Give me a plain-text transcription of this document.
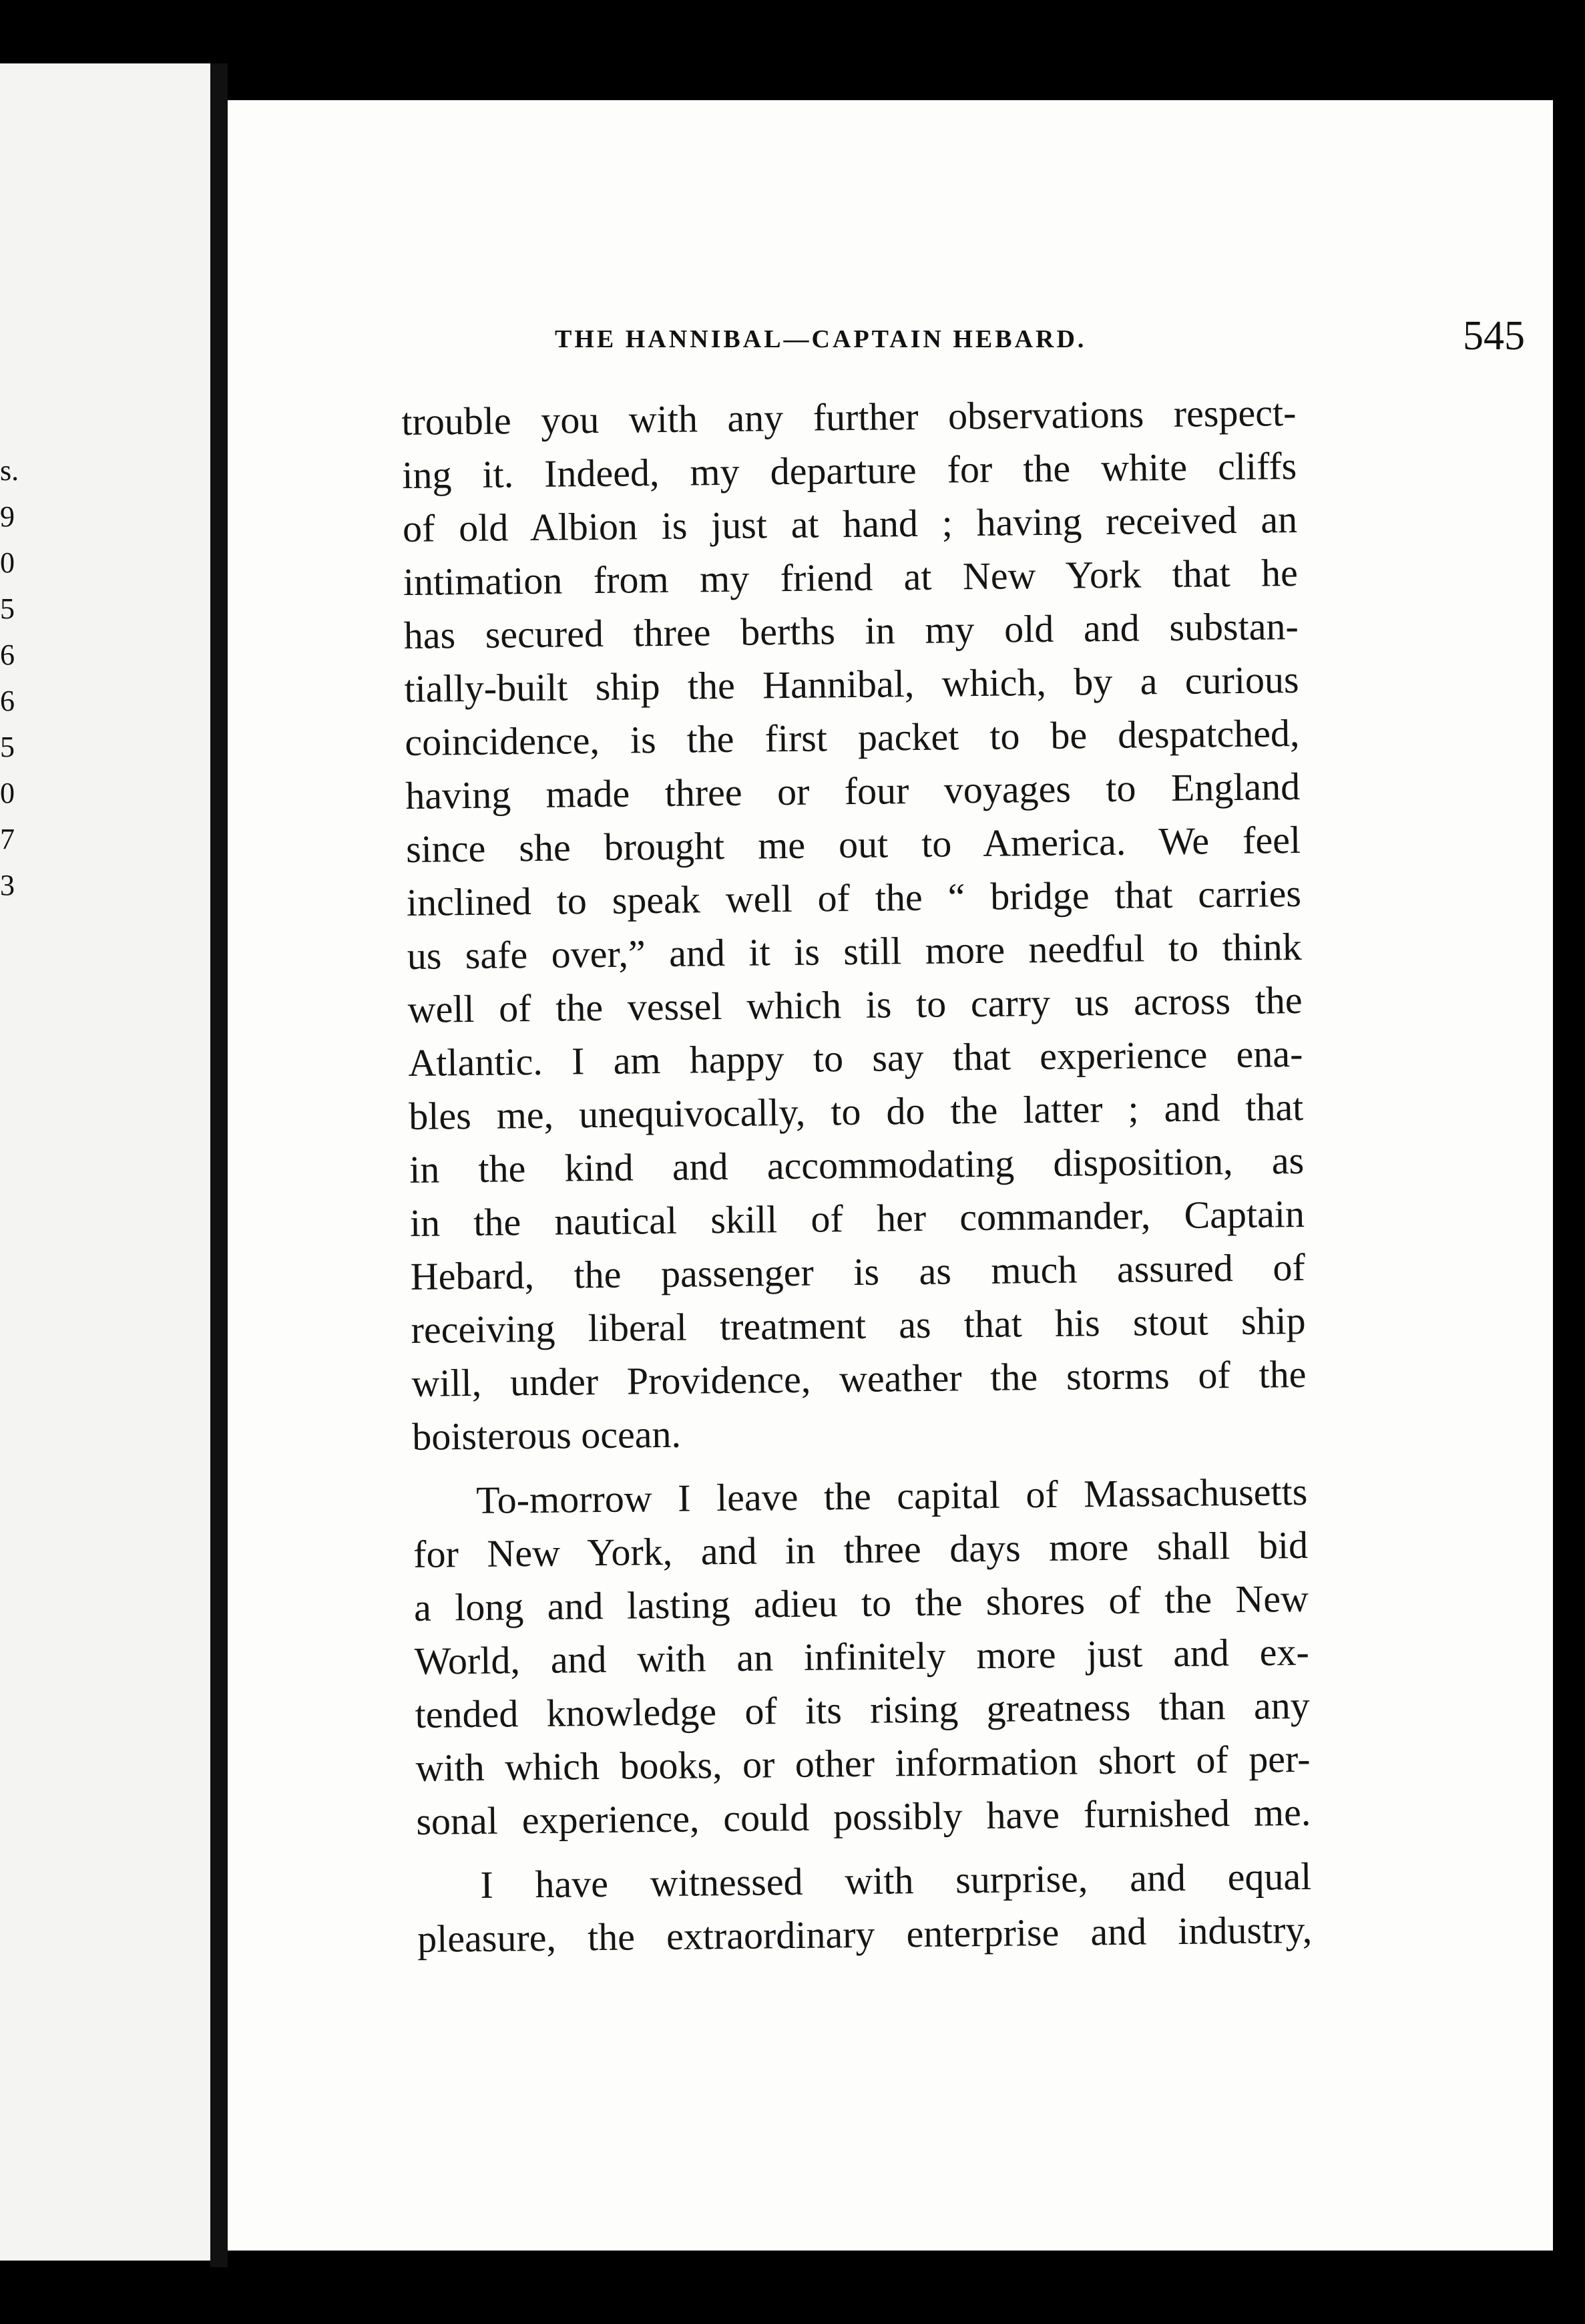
s.
9
0
5
6
6
5
0
7
3
THE HANNIBAL—CAPTAIN HEBARD.	545
trouble you with any further observations respect-
ing it. Indeed, my departure for the white cliffs
of old Albion is just at hand ; having received an
intimation from my friend at New York that he
has secured three berths in my old and substan-
tially-built ship the Hannibal, which, by a curious
coincidence, is the first packet to be despatched,
having made three or four voyages to England
since she brought me out to America. We feel
inclined to speak well of the “ bridge that carries
us safe over,” and it is still more needful to think
well of the vessel which is to carry us across the
Atlantic. I am happy to say that experience ena-
bles me, unequivocally, to do the latter ; and that
in the kind and accommodating disposition, as
in the nautical skill of her commander, Captain
Hebard, the passenger is as much assured of
receiving liberal treatment as that his stout ship
will, under Providence, weather the storms of the
boisterous ocean.
To-morrow I leave the capital of Massachusetts
for New York, and in three days more shall bid
a long and lasting adieu to the shores of the New
World, and with an infinitely more just and ex-
tended knowledge of its rising greatness than any
with which books, or other information short of per-
sonal experience, could possibly have furnished me.
I have witnessed with surprise, and equal
pleasure, the extraordinary enterprise and industry,
